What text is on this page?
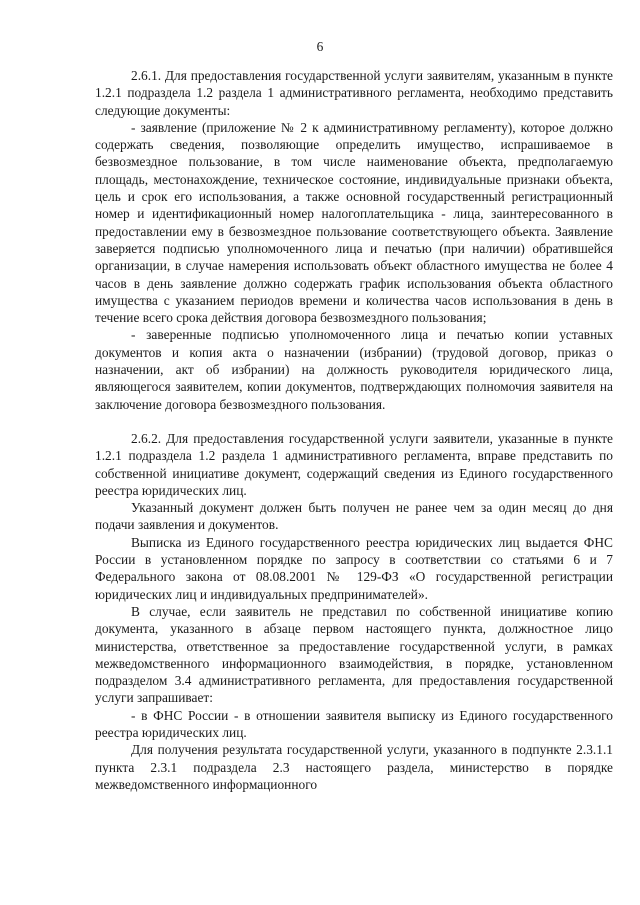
6

2.6.1. Для предоставления государственной услуги заявителям, указанным в пункте 1.2.1 подраздела 1.2 раздела 1 административного регламента, необходимо представить следующие документы:

- заявление (приложение № 2 к административному регламенту), которое должно содержать сведения, позволяющие определить имущество, испрашиваемое в безвозмездное пользование, в том числе наименование объекта, предполагаемую площадь, местонахождение, техническое состояние, индивидуальные признаки объекта, цель и срок его использования, а также основной государственный регистрационный номер и идентификационный номер налогоплательщика - лица, заинтересованного в предоставлении ему в безвозмездное пользование соответствующего объекта. Заявление заверяется подписью уполномоченного лица и печатью (при наличии) обратившейся организации, в случае намерения использовать объект областного имущества не более 4 часов в день заявление должно содержать график использования объекта областного имущества с указанием периодов времени и количества часов использования в день в течение всего срока действия договора безвозмездного пользования;

- заверенные подписью уполномоченного лица и печатью копии уставных документов и копия акта о назначении (избрании) (трудовой договор, приказ о назначении, акт об избрании) на должность руководителя юридического лица, являющегося заявителем, копии документов, подтверждающих полномочия заявителя на заключение договора безвозмездного пользования.

2.6.2. Для предоставления государственной услуги заявители, указанные в пункте 1.2.1 подраздела 1.2 раздела 1 административного регламента, вправе представить по собственной инициативе документ, содержащий сведения из Единого государственного реестра юридических лиц.

Указанный документ должен быть получен не ранее чем за один месяц до дня подачи заявления и документов.

Выписка из Единого государственного реестра юридических лиц выдается ФНС России в установленном порядке по запросу в соответствии со статьями 6 и 7 Федерального закона от 08.08.2001 № 129-ФЗ «О государственной регистрации юридических лиц и индивидуальных предпринимателей».

В случае, если заявитель не представил по собственной инициативе копию документа, указанного в абзаце первом настоящего пункта, должностное лицо министерства, ответственное за предоставление государственной услуги, в рамках межведомственного информационного взаимодействия, в порядке, установленном подразделом 3.4 административного регламента, для предоставления государственной услуги запрашивает:

- в ФНС России - в отношении заявителя выписку из Единого государственного реестра юридических лиц.

Для получения результата государственной услуги, указанного в подпункте 2.3.1.1 пункта 2.3.1 подраздела 2.3 настоящего раздела, министерство в порядке межведомственного информационного
